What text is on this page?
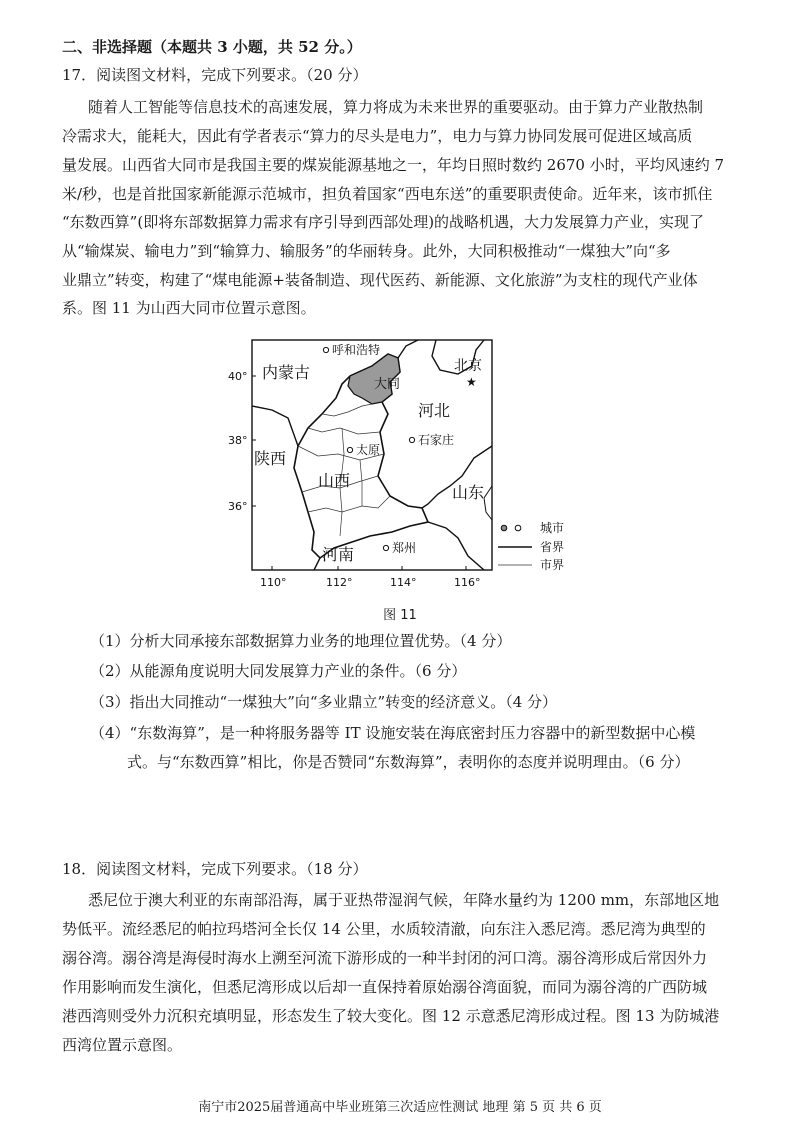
二、非选择题（本题共 3 小题，共 52 分。）
17．阅读图文材料，完成下列要求。（20 分）
随着人工智能等信息技术的高速发展，算力将成为未来世界的重要驱动。由于算力产业散热制
冷需求大，能耗大，因此有学者表示“算力的尽头是电力”，电力与算力协同发展可促进区域高质
量发展。山西省大同市是我国主要的煤炭能源基地之一，年均日照时数约 2670 小时，平均风速约 7
米/秒，也是首批国家新能源示范城市，担负着国家“西电东送”的重要职责使命。近年来，该市抓住
“东数西算”(即将东部数据算力需求有序引导到西部处理)的战略机遇，大力发展算力产业，实现了
从“输煤炭、输电力”到“输算力、输服务”的华丽转身。此外，大同积极推动“一煤独大”向“多
业鼎立”转变，构建了“煤电能源+装备制造、现代医药、新能源、文化旅游”为支柱的现代产业体
系。图 11 为山西大同市位置示意图。
40°
38°
36°
110°	112°	114°	116°
内蒙古
河北
山西
陕西
山东
河南
呼和浩特
北京
★
大同
太原
石家庄
郑州
城市
省界
市界
图 11
（1）分析大同承接东部数据算力业务的地理位置优势。（4 分）
（2）从能源角度说明大同发展算力产业的条件。（6 分）
（3）指出大同推动“一煤独大”向“多业鼎立”转变的经济意义。（4 分）
（4）“东数海算”，是一种将服务器等 IT 设施安装在海底密封压力容器中的新型数据中心模
式。与“东数西算”相比，你是否赞同“东数海算”，表明你的态度并说明理由。（6 分）
18．阅读图文材料，完成下列要求。（18 分）
悉尼位于澳大利亚的东南部沿海，属于亚热带湿润气候，年降水量约为 1200 mm，东部地区地
势低平。流经悉尼的帕拉玛塔河全长仅 14 公里，水质较清澈，向东注入悉尼湾。悉尼湾为典型的
溺谷湾。溺谷湾是海侵时海水上溯至河流下游形成的一种半封闭的河口湾。溺谷湾形成后常因外力
作用影响而发生演化，但悉尼湾形成以后却一直保持着原始溺谷湾面貌，而同为溺谷湾的广西防城
港西湾则受外力沉积充填明显，形态发生了较大变化。图 12 示意悉尼湾形成过程。图 13 为防城港
西湾位置示意图。
南宁市2025届普通高中毕业班第三次适应性测试 地理 第 5 页 共 6 页
